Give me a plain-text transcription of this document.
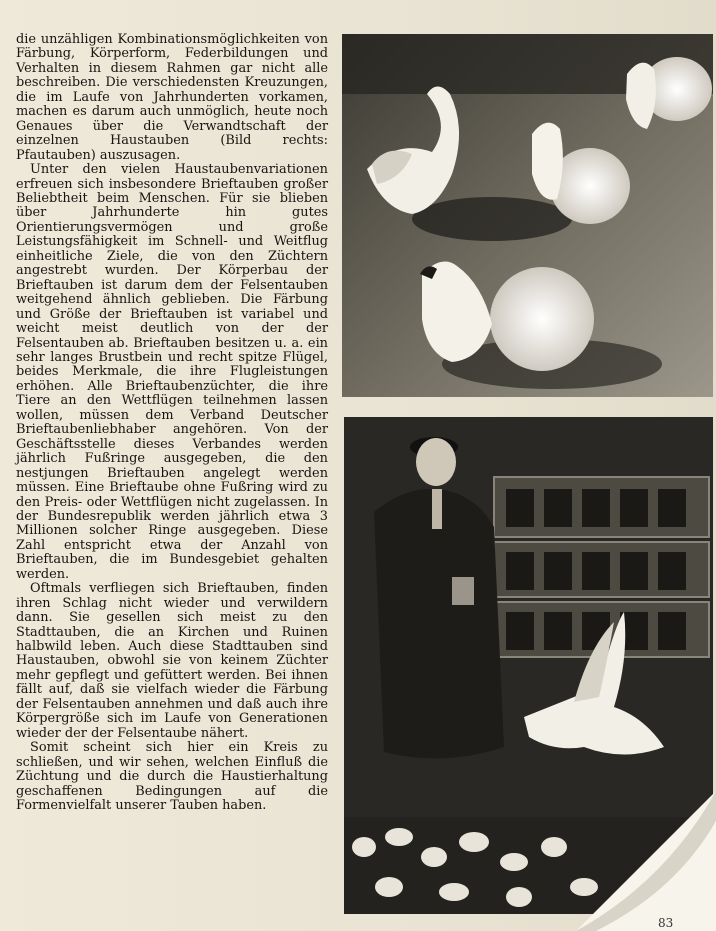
die unzähligen Kombinationsmöglichkeiten von Färbung, Körperform, Federbildungen und Verhalten in diesem Rahmen gar nicht alle beschreiben. Die verschiedensten Kreuzungen, die im Laufe von Jahrhunderten vorkamen, machen es darum auch unmöglich, heute noch Genaues über die Verwandtschaft der einzelnen Haustauben (Bild rechts: Pfautauben) auszusagen.

Unter den vielen Haustaubenvariationen erfreuen sich insbesondere Brieftauben großer Beliebtheit beim Menschen. Für sie blieben über Jahrhunderte hin gutes Orientierungsvermögen und große Leistungsfähigkeit im Schnell- und Weitflug einheitliche Ziele, die von den Züchtern angestrebt wurden. Der Körperbau der Brieftauben ist darum dem der Felsentauben weitgehend ähnlich geblieben. Die Färbung und Größe der Brieftauben ist variabel und weicht meist deutlich von der der Felsentauben ab. Brieftauben besitzen u. a. ein sehr langes Brustbein und recht spitze Flügel, beides Merkmale, die ihre Flugleistungen erhöhen. Alle Brieftaubenzüchter, die ihre Tiere an den Wettflügen teilnehmen lassen wollen, müssen dem Verband Deutscher Brieftaubenliebhaber angehören. Von der Geschäftsstelle dieses Verbandes werden jährlich Fußringe ausgegeben, die den nestjungen Brieftauben angelegt werden müssen. Eine Brieftaube ohne Fußring wird zu den Preis- oder Wettflügen nicht zugelassen. In der Bundesrepublik werden jährlich etwa 3 Millionen solcher Ringe ausgegeben. Diese Zahl entspricht etwa der Anzahl von Brieftauben, die im Bundesgebiet gehalten werden.

Oftmals verfliegen sich Brieftauben, finden ihren Schlag nicht wieder und verwildern dann. Sie gesellen sich meist zu den Stadttauben, die an Kirchen und Ruinen halbwild leben. Auch diese Stadttauben sind Haustauben, obwohl sie von keinem Züchter mehr gepflegt und gefüttert werden. Bei ihnen fällt auf, daß sie vielfach wieder die Färbung der Felsentauben annehmen und daß auch ihre Körpergröße sich im Laufe von Generationen wieder der der Felsentaube nähert.

Somit scheint sich hier ein Kreis zu schließen, und wir sehen, welchen Einfluß die Züchtung und die durch die Haustierhaltung geschaffenen Bedingungen auf die Formenvielfalt unserer Tauben haben.

83
